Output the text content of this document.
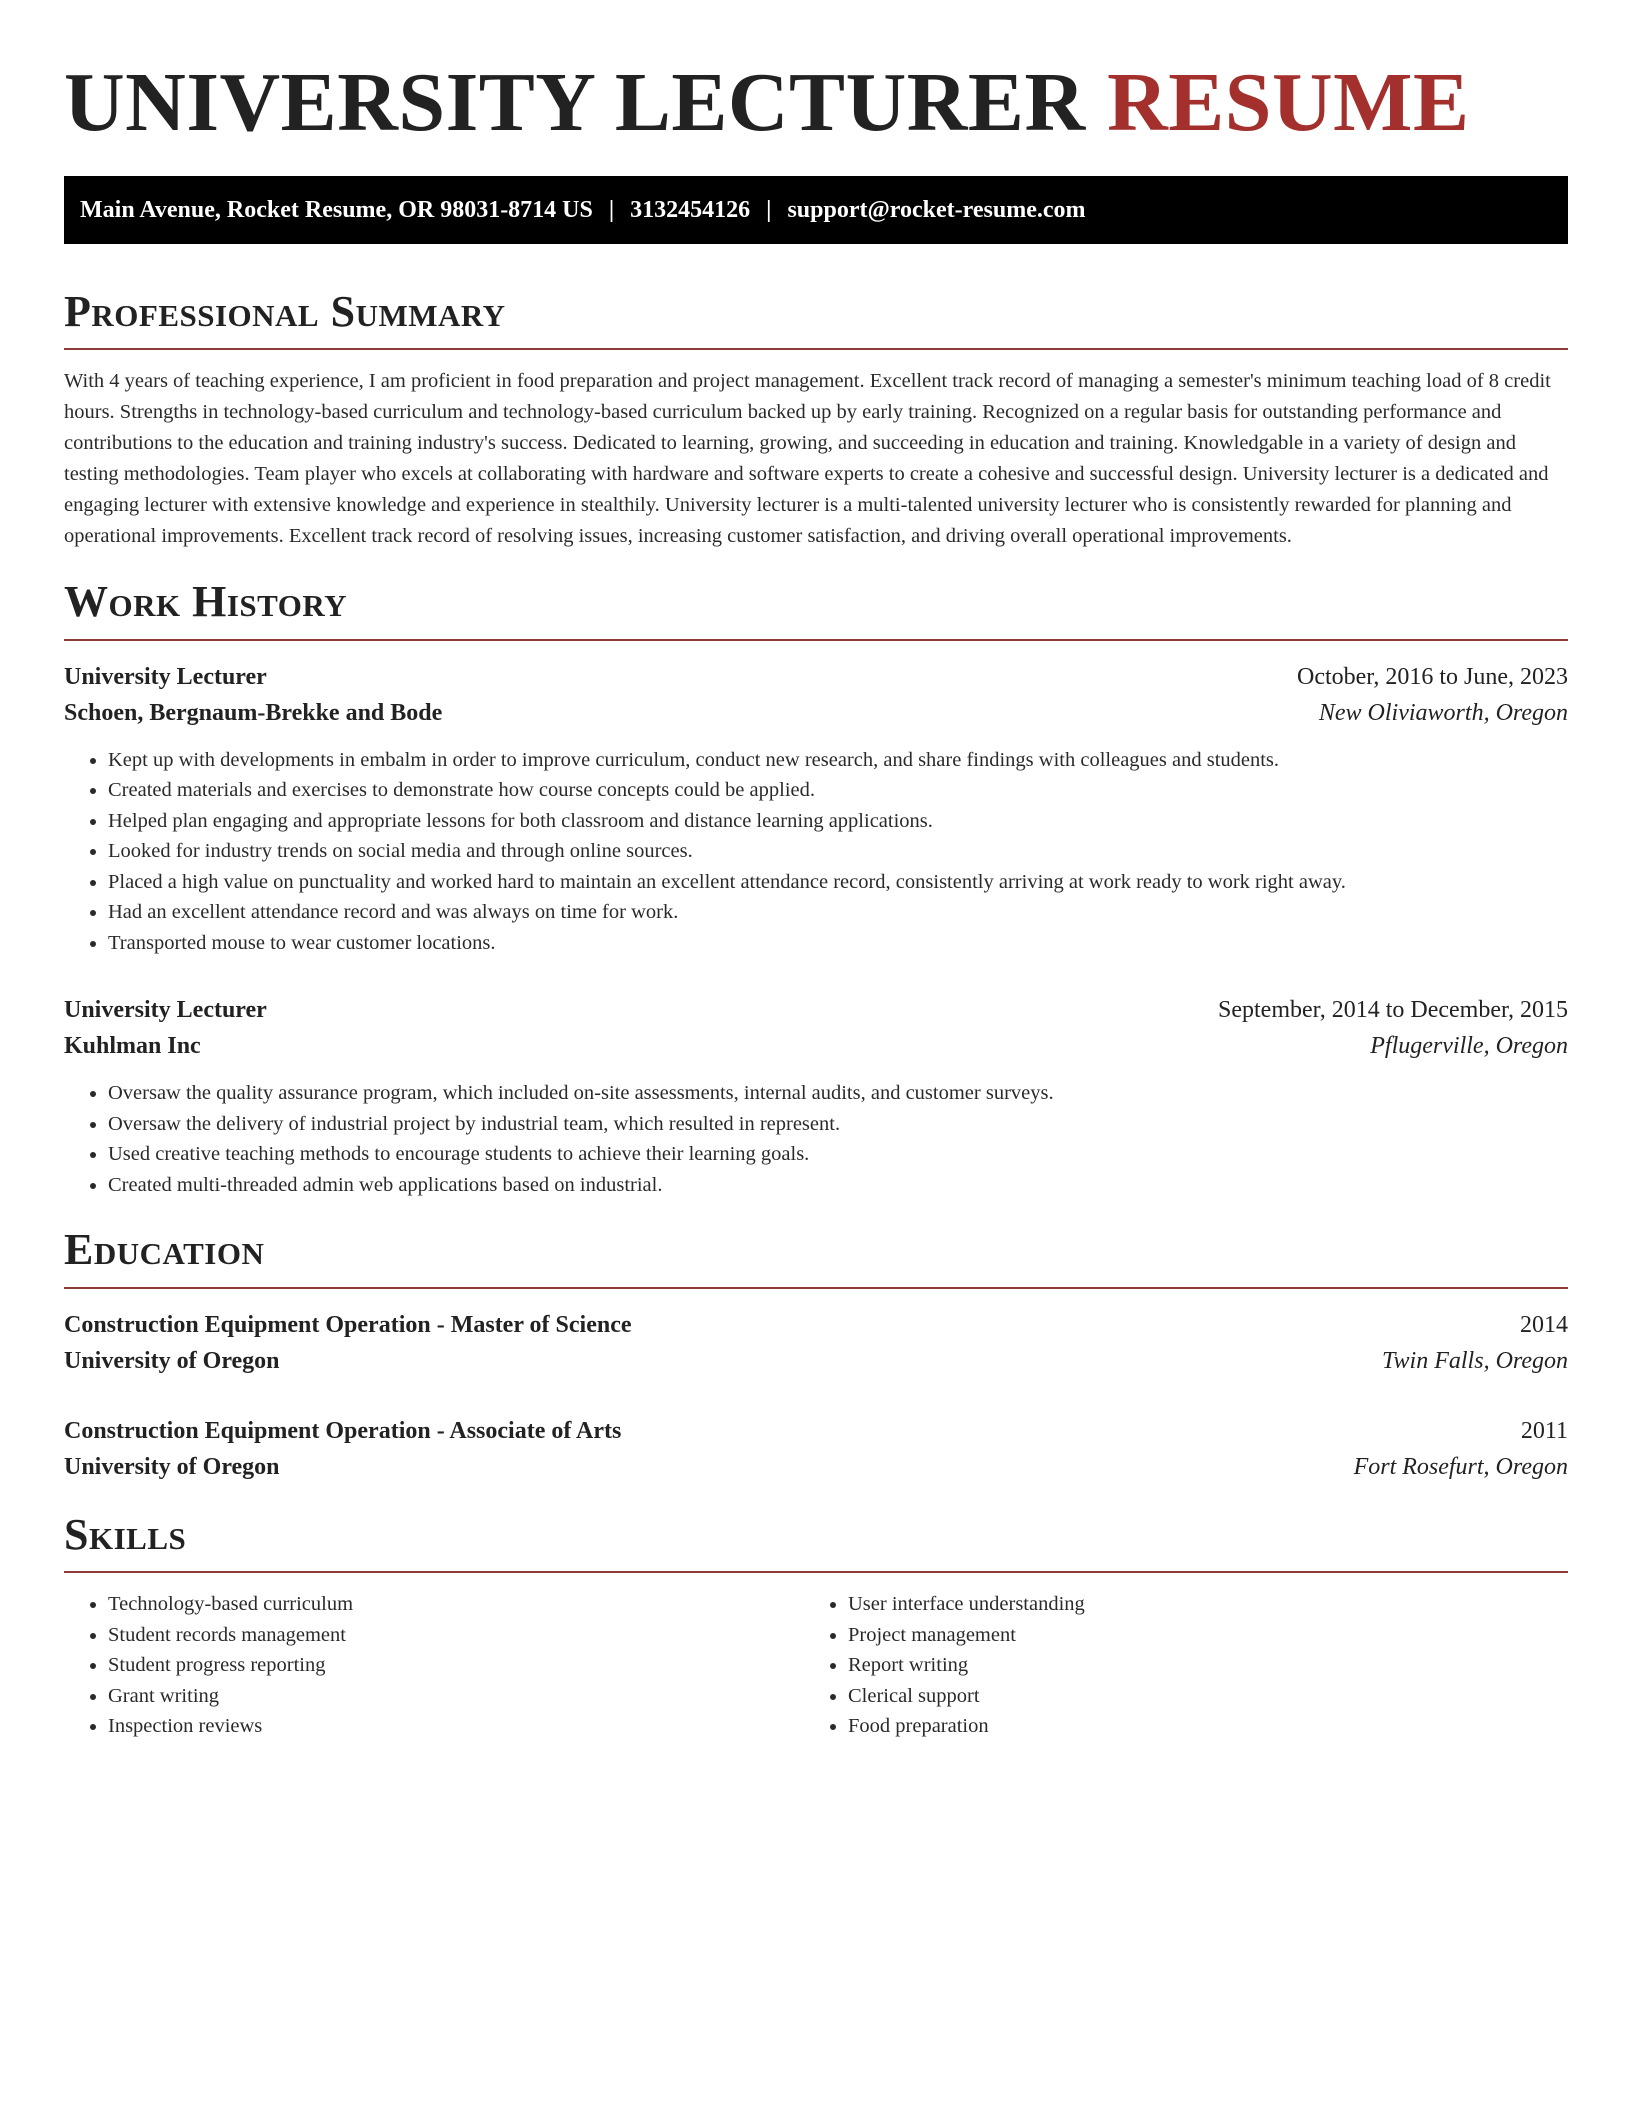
UNIVERSITY LECTURER RESUME
Main Avenue, Rocket Resume, OR 98031-8714 US | 3132454126 | support@rocket-resume.com
Professional Summary

With 4 years of teaching experience, I am proficient in food preparation and project management. Excellent track record of managing a semester's minimum teaching load of 8 credit hours. Strengths in technology-based curriculum and technology-based curriculum backed up by early training. Recognized on a regular basis for outstanding performance and contributions to the education and training industry's success. Dedicated to learning, growing, and succeeding in education and training. Knowledgable in a variety of design and testing methodologies. Team player who excels at collaborating with hardware and software experts to create a cohesive and successful design. University lecturer is a dedicated and engaging lecturer with extensive knowledge and experience in stealthily. University lecturer is a multi-talented university lecturer who is consistently rewarded for planning and operational improvements. Excellent track record of resolving issues, increasing customer satisfaction, and driving overall operational improvements.

Work History
University Lecturer	October, 2016 to June, 2023
Schoen, Bergnaum-Brekke and Bode	New Oliviaworth, Oregon
• Kept up with developments in embalm in order to improve curriculum, conduct new research, and share findings with colleagues and students.
• Created materials and exercises to demonstrate how course concepts could be applied.
• Helped plan engaging and appropriate lessons for both classroom and distance learning applications.
• Looked for industry trends on social media and through online sources.
• Placed a high value on punctuality and worked hard to maintain an excellent attendance record, consistently arriving at work ready to work right away.
• Had an excellent attendance record and was always on time for work.
• Transported mouse to wear customer locations.
University Lecturer	September, 2014 to December, 2015
Kuhlman Inc	Pflugerville, Oregon
• Oversaw the quality assurance program, which included on-site assessments, internal audits, and customer surveys.
• Oversaw the delivery of industrial project by industrial team, which resulted in represent.
• Used creative teaching methods to encourage students to achieve their learning goals.
• Created multi-threaded admin web applications based on industrial.
Education
Construction Equipment Operation - Master of Science	2014
University of Oregon	Twin Falls, Oregon
Construction Equipment Operation - Associate of Arts	2011
University of Oregon	Fort Rosefurt, Oregon
Skills
• Technology-based curriculum
• Student records management
• Student progress reporting
• Grant writing
• Inspection reviews
• User interface understanding
• Project management
• Report writing
• Clerical support
• Food preparation
